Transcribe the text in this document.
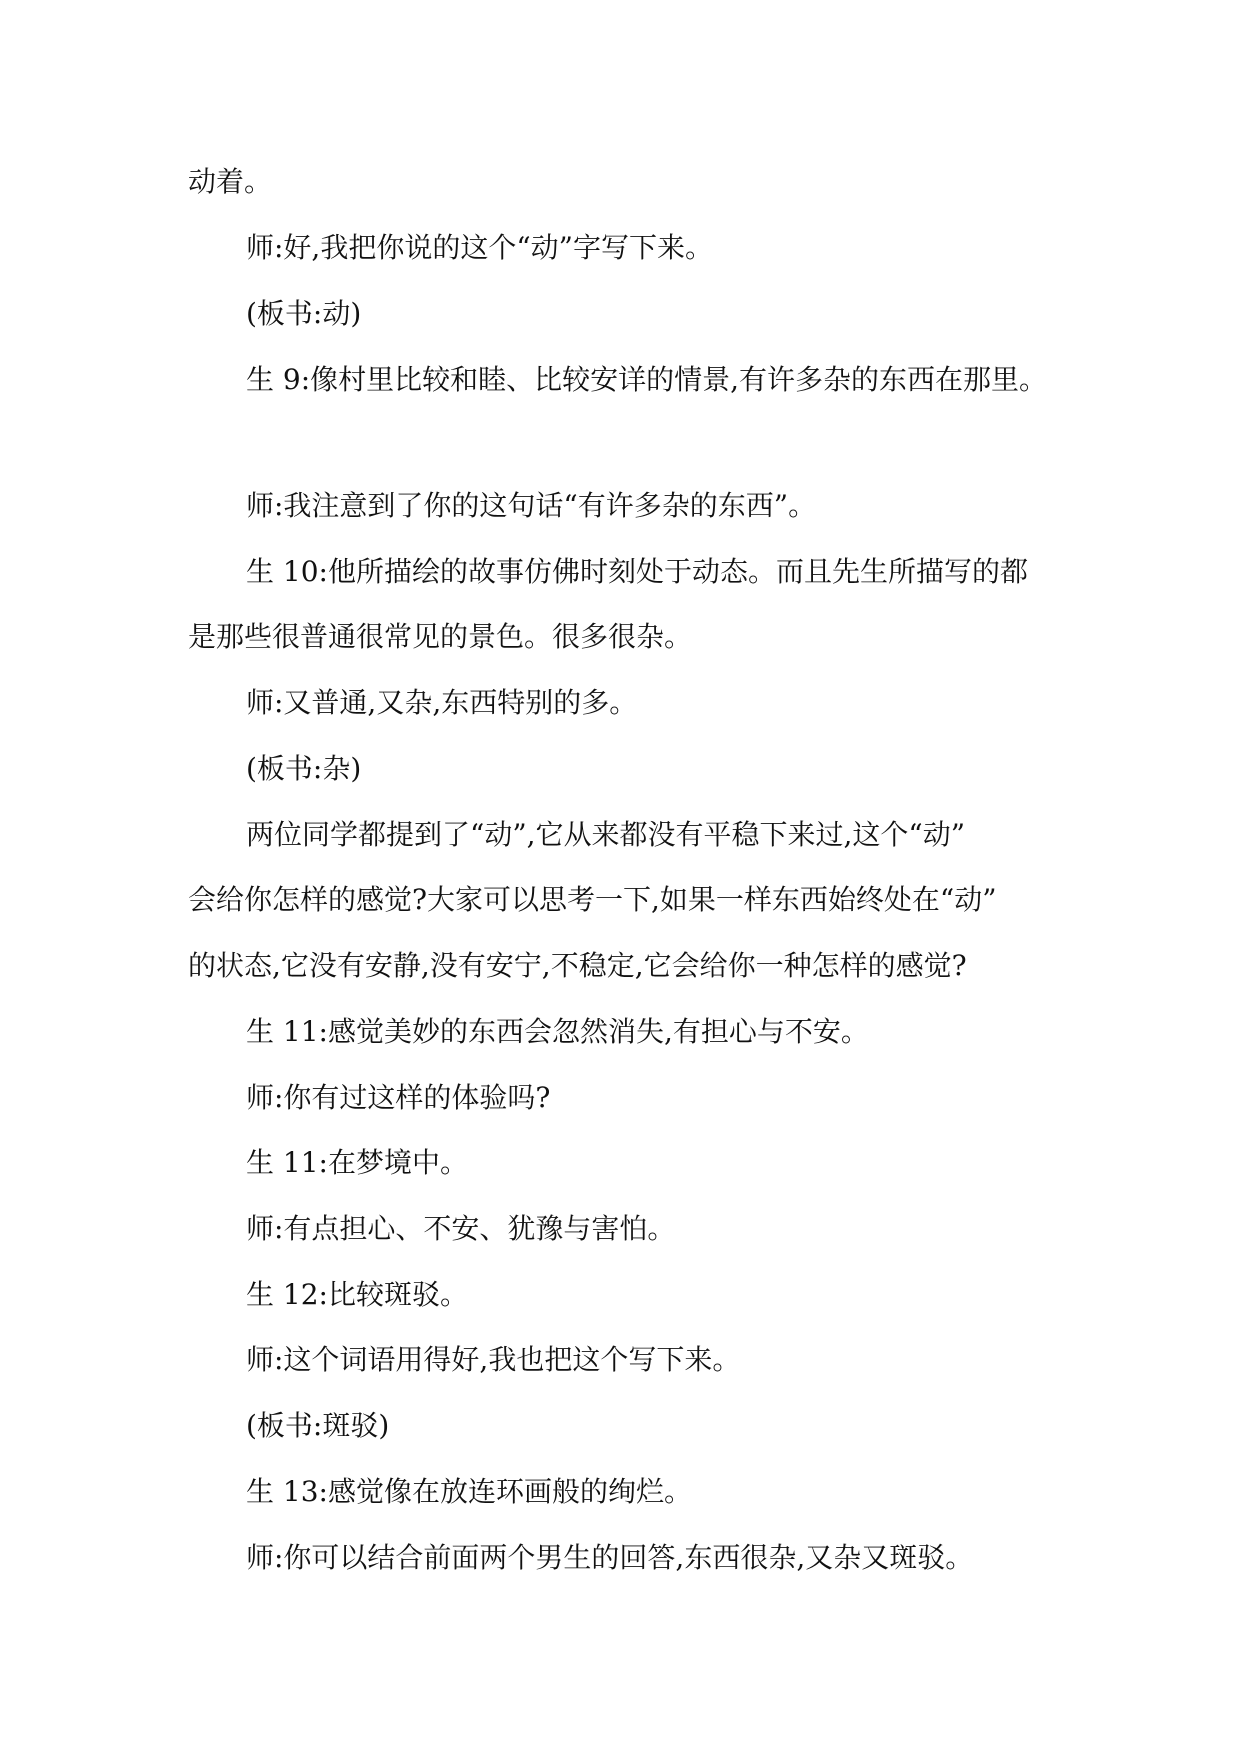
动着。
师:好,我把你说的这个“动”字写下来。
(板书:动)
生 9:像村里比较和睦、比较安详的情景,有许多杂的东西在那里。
师:我注意到了你的这句话“有许多杂的东西”。
生 10:他所描绘的故事仿佛时刻处于动态。而且先生所描写的都
是那些很普通很常见的景色。很多很杂。
师:又普通,又杂,东西特别的多。
(板书:杂)
两位同学都提到了“动”,它从来都没有平稳下来过,这个“动”
会给你怎样的感觉?大家可以思考一下,如果一样东西始终处在“动”
的状态,它没有安静,没有安宁,不稳定,它会给你一种怎样的感觉?
生 11:感觉美妙的东西会忽然消失,有担心与不安。
师:你有过这样的体验吗?
生 11:在梦境中。
师:有点担心、不安、犹豫与害怕。
生 12:比较斑驳。
师:这个词语用得好,我也把这个写下来。
(板书:斑驳)
生 13:感觉像在放连环画般的绚烂。
师:你可以结合前面两个男生的回答,东西很杂,又杂又斑驳。
